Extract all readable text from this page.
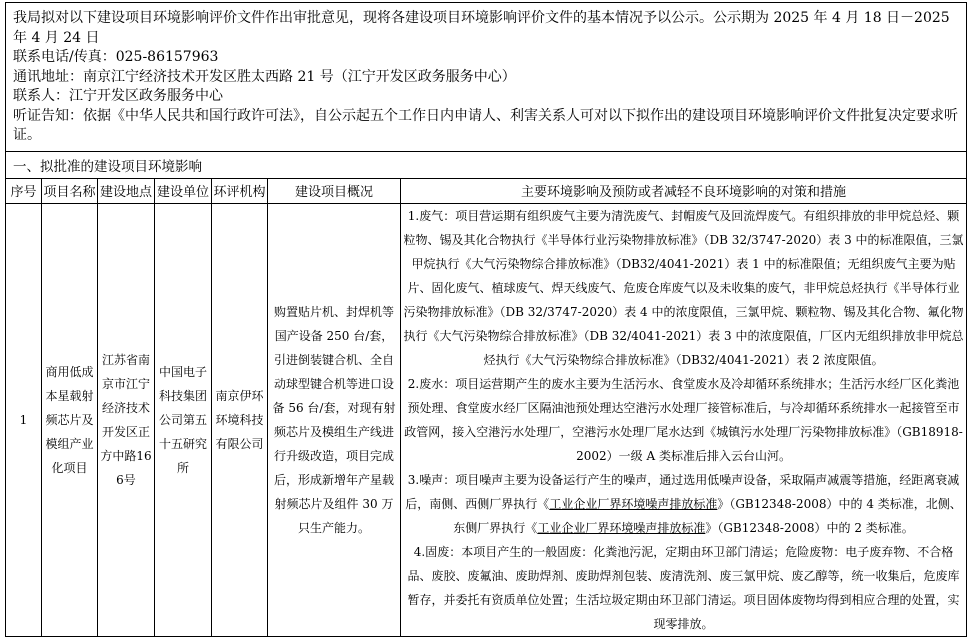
我局拟对以下建设项目环境影响评价文件作出审批意见，现将各建设项目环境影响评价文件的基本情况予以公示。公示期为 2025 年 4 月 18 日－2025 年 4 月 24 日

联系电话/传真：025-86157963

通讯地址：南京江宁经济技术开发区胜太西路 21 号（江宁开发区政务服务中心）

联系人：江宁开发区政务服务中心

听证告知：依据《中华人民共和国行政许可法》，自公示起五个工作日内申请人、利害关系人可对以下拟作出的建设项目环境影响评价文件批复决定要求听证。						

一、拟批准的建设项目环境影响						
序号	项目名称	建设地点	建设单位	环评机构	建设项目概况	主要环境影响及预防或者减轻不良环境影响的对策和措施
1	商用低成本星载射频芯片及模组产业化项目	江苏省南京市江宁经济技术开发区正方中路166号	中国电子科技集团公司第五十五研究所	南京伊环环境科技有限公司	购置贴片机、封焊机等国产设备 250 台/套，引进倒装键合机、全自动球型键合机等进口设备 56 台/套，对现有射频芯片及模组生产线进行升级改造，项目完成后，形成新增年产星载射频芯片及组件 30 万只生产能力。	1.废气：项目营运期有组织废气主要为清洗废气、封帽废气及回流焊废气。有组织排放的非甲烷总烃、颗粒物、锡及其化合物执行《半导体行业污染物排放标准》（DB 32/3747-2020）表 3 中的标准限值，三氯甲烷执行《大气污染物综合排放标准》（DB32/4041-2021）表 1 中的标准限值；无组织废气主要为贴片、固化废气、植球废气、焊天线废气、危废仓库废气以及未收集的废气，非甲烷总烃执行《半导体行业污染物排放标准》（DB 32/3747-2020）表 4 中的浓度限值，三氯甲烷、颗粒物、锡及其化合物、氟化物执行《大气污染物综合排放标准》（DB 32/4041-2021）表 3 中的浓度限值，厂区内无组织排放非甲烷总烃执行《大气污染物综合排放标准》（DB32/4041-2021）表 2 浓度限值。

2.废水：项目运营期产生的废水主要为生活污水、食堂废水及冷却循环系统排水；生活污水经厂区化粪池预处理、食堂废水经厂区隔油池预处理达空港污水处理厂接管标准后，与冷却循环系统排水一起接管至市政管网，接入空港污水处理厂，空港污水处理厂尾水达到《城镇污水处理厂污染物排放标准》（GB18918-2002）一级 A 类标准后排入云台山河。

3.噪声：项目噪声主要为设备运行产生的噪声，通过选用低噪声设备，采取隔声减震等措施，经距离衰减后，南侧、西侧厂界执行《工业企业厂界环境噪声排放标准》（GB12348-2008）中的 4 类标准，北侧、东侧厂界执行《工业企业厂界环境噪声排放标准》（GB12348-2008）中的 2 类标准。

4.固废：本项目产生的一般固废：化粪池污泥，定期由环卫部门清运；危险废物：电子废弃物、不合格品、废胶、废氟油、废助焊剂、废助焊剂包装、废清洗剂、废三氯甲烷、废乙醇等，统一收集后，危废库暂存，并委托有资质单位处置；生活垃圾定期由环卫部门清运。项目固体废物均得到相应合理的处置，实现零排放。
